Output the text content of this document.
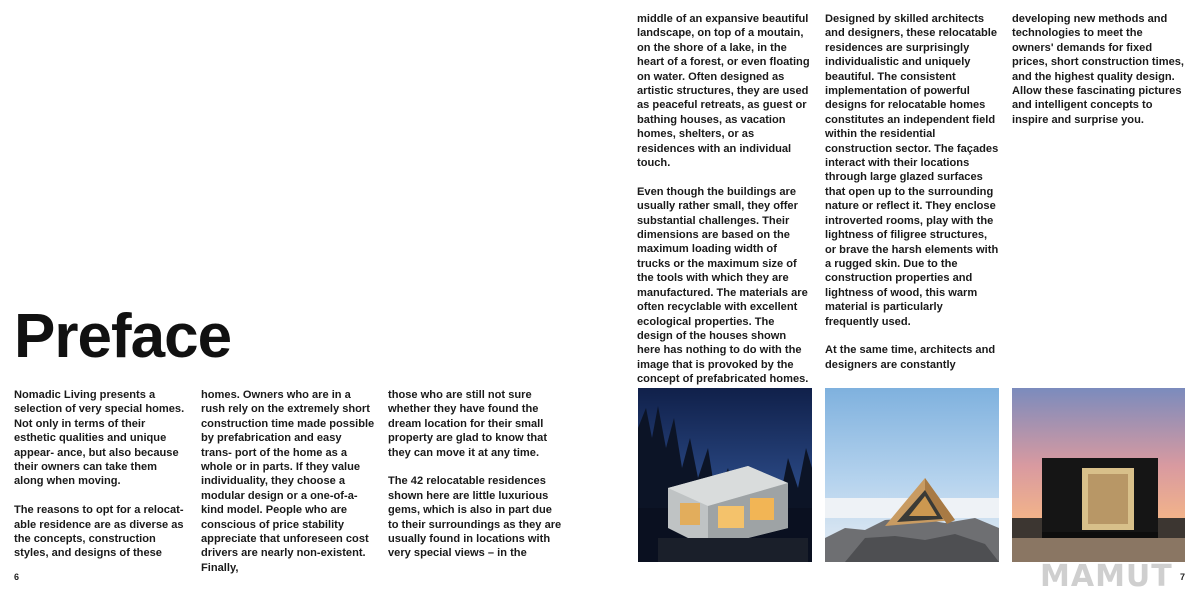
Preface

Nomadic Living presents a selection of very special homes. Not only in terms of their esthetic qualities and unique appear- ance, but also because their owners can take them along when moving.

The reasons to opt for a relocat- able residence are as diverse as the concepts, construction styles, and designs of these

homes. Owners who are in a rush rely on the extremely short construction time made possible by prefabrication and easy trans- port of the home as a whole or in parts. If they value individuality, they choose a modular design or a one-of-a-kind model. People who are conscious of price stability appreciate that unforeseen cost drivers are nearly non-existent. Finally,

those who are still not sure whether they have found the dream location for their small property are glad to know that they can move it at any time.

The 42 relocatable residences shown here are little luxurious gems, which is also in part due to their surroundings as they are usually found in locations with very special views – in the

6

middle of an expansive beautiful landscape, on top of a moutain, on the shore of a lake, in the heart of a forest, or even floating on water. Often designed as artistic structures, they are used as peaceful retreats, as guest or bathing houses, as vacation homes, shelters, or as residences with an individual touch.

Even though the buildings are usually rather small, they offer substantial challenges. Their dimensions are based on the maximum loading width of trucks or the maximum size of the tools with which they are manufactured. The materials are often recyclable with excellent ecological properties. The design of the houses shown here has nothing to do with the image that is provoked by the concept of prefabricated homes.

Designed by skilled architects and designers, these relocatable residences are surprisingly individualistic and uniquely beautiful. The consistent implementation of powerful designs for relocatable homes constitutes an independent field within the residential construction sector. The façades interact with their locations through large glazed surfaces that open up to the surrounding nature or reflect it. They enclose introverted rooms, play with the lightness of filigree structures, or brave the harsh elements with a rugged skin. Due to the construction properties and lightness of wood, this warm material is particularly frequently used.

At the same time, architects and designers are constantly

developing new methods and technologies to meet the owners' demands for fixed prices, short construction times, and the highest quality design. Allow these fascinating pictures and intelligent concepts to inspire and surprise you.

7
MAMUT
